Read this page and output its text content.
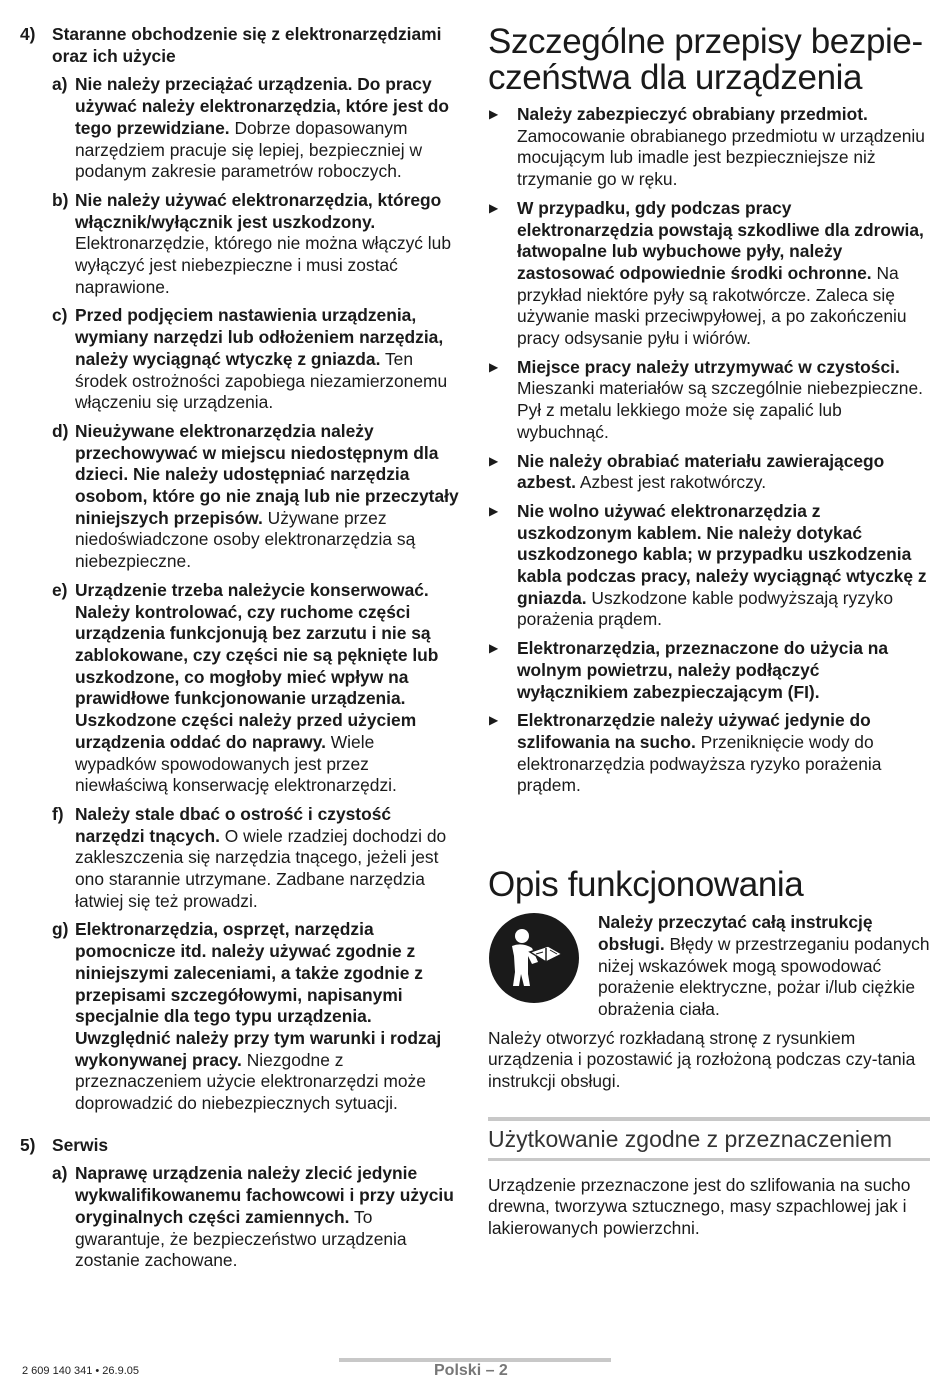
4) Staranne obchodzenie się z elektronarzędziami oraz ich użycie
a) Nie należy przeciążać urządzenia. Do pracy używać należy elektronarzędzia, które jest do tego przewidziane. Dobrze dopasowanym narzędziem pracuje się lepiej, bezpieczniej w podanym zakresie parametrów roboczych.
b) Nie należy używać elektronarzędzia, którego włącznik/wyłącznik jest uszkodzony. Elektronarzędzie, którego nie można włączyć lub wyłączyć jest niebezpieczne i musi zostać naprawione.
c) Przed podjęciem nastawienia urządzenia, wymiany narzędzi lub odłożeniem narzędzia, należy wyciągnąć wtyczkę z gniazda. Ten środek ostrożności zapobiega niezamierzonemu włączeniu się urządzenia.
d) Nieużywane elektronarzędzia należy przechowywać w miejscu niedostępnym dla dzieci. Nie należy udostępniać narzędzia osobom, które go nie znają lub nie przeczytały niniejszych przepisów. Używane przez niedoświadczone osoby elektronarzędzia są niebezpieczne.
e) Urządzenie trzeba należycie konserwować. Należy kontrolować, czy ruchome części urządzenia funkcjonują bez zarzutu i nie są zablokowane, czy części nie są pęknięte lub uszkodzone, co mogłoby mieć wpływ na prawidłowe funkcjonowanie urządzenia. Uszkodzone części należy przed użyciem urządzenia oddać do naprawy. Wiele wypadków spowodowanych jest przez niewłaściwą konserwację elektronarzędzi.
f) Należy stale dbać o ostrość i czystość narzędzi tnących. O wiele rzadziej dochodzi do zakleszczenia się narzędzia tnącego, jeżeli jest ono starannie utrzymane. Zadbane narzędzia łatwiej się też prowadzi.
g) Elektronarzędzia, osprzęt, narzędzia pomocnicze itd. należy używać zgodnie z niniejszymi zaleceniami, a także zgodnie z przepisami szczegółowymi, napisanymi specjalnie dla tego typu urządzenia. Uwzględnić należy przy tym warunki i rodzaj wykonywanej pracy. Niezgodne z przeznaczeniem użycie elektronarzędzi może doprowadzić do niebezpiecznych sytuacji.
5) Serwis
a) Naprawę urządzenia należy zlecić jedynie wykwalifikowanemu fachowcowi i przy użyciu oryginalnych części zamiennych. To gwarantuje, że bezpieczeństwo urządzenia zostanie zachowane.
Szczególne przepisy bezpie-czeństwa dla urządzenia
▶	Należy zabezpieczyć obrabiany przedmiot. Zamocowanie obrabianego przedmiotu w urządzeniu mocującym lub imadle jest bezpieczniejsze niż trzymanie go w ręku.
▶	W przypadku, gdy podczas pracy elektronarzędzia powstają szkodliwe dla zdrowia, łatwopalne lub wybuchowe pyły, należy zastosować odpowiednie środki ochronne. Na przykład niektóre pyły są rakotwórcze. Zaleca się używanie maski przeciwpyłowej, a po zakończeniu pracy odsysanie pyłu i wiórów.
▶	Miejsce pracy należy utrzymywać w czystości. Mieszanki materiałów są szczególnie niebezpieczne. Pył z metalu lekkiego może się zapalić lub wybuchnąć.
▶	Nie należy obrabiać materiału zawierającego azbest. Azbest jest rakotwórczy.
▶	Nie wolno używać elektronarzędzia z uszkodzonym kablem. Nie należy dotykać uszkodzonego kabla; w przypadku uszkodzenia kabla podczas pracy, należy wyciągnąć wtyczkę z gniazda. Uszkodzone kable podwyższają ryzyko porażenia prądem.
▶	Elektronarzędzia, przeznaczone do użycia na wolnym powietrzu, należy podłączyć wyłącznikiem zabezpieczającym (FI).
▶	Elektronarzędzie należy używać jedynie do szlifowania na sucho. Przeniknięcie wody do elektronarzędzia podwayższa ryzyko porażenia prądem.
Opis funkcjonowania
Należy przeczytać całą instrukcję obsługi. Błędy w przestrzeganiu podanych niżej wskazówek mogą spowodować porażenie elektryczne, pożar i/lub ciężkie obrażenia ciała.
Należy otworzyć rozkładaną stronę z rysunkiem urządzenia i pozostawić ją rozłożoną podczas czy-tania instrukcji obsługi.
Użytkowanie zgodne z przeznaczeniem
Urządzenie przeznaczone jest do szlifowania na sucho drewna, tworzywa sztucznego, masy szpachlowej jak i lakierowanych powierzchni.
2 609 140 341 • 26.9.05	Polski – 2
